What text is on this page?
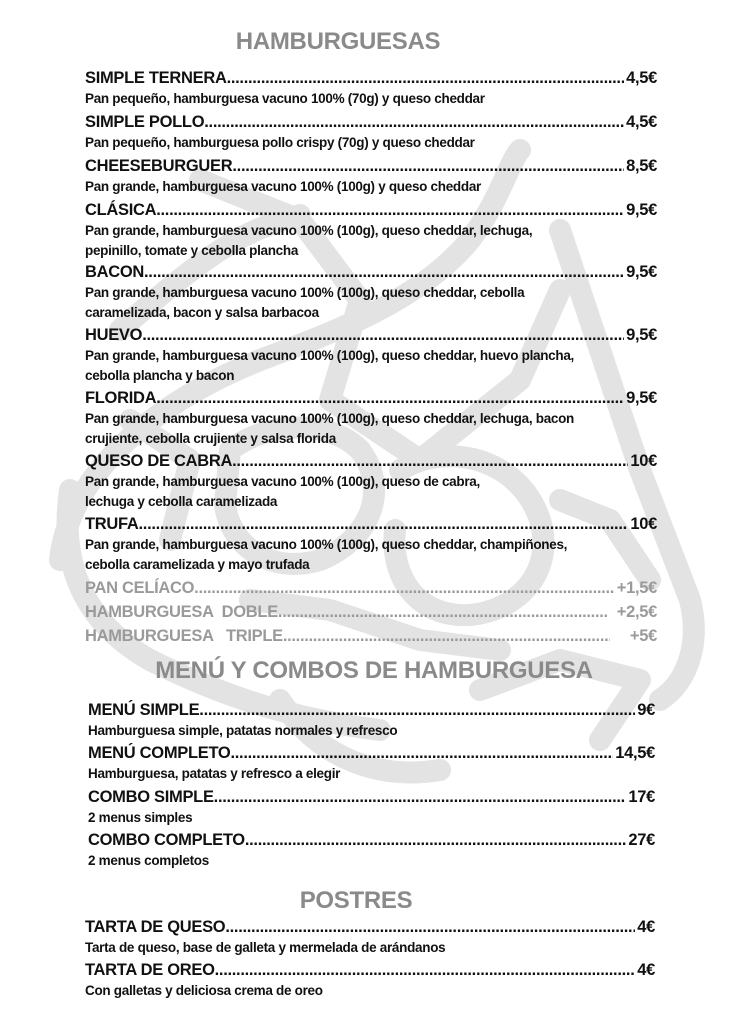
HAMBURGUESAS
SIMPLE TERNERA .....	4,5€
Pan pequeño, hamburguesa vacuno 100% (70g) y queso cheddar
SIMPLE POLLO .....	4,5€
Pan pequeño, hamburguesa pollo crispy (70g) y queso cheddar
CHEESEBURGUER .....	8,5€
Pan grande, hamburguesa vacuno 100% (100g) y queso cheddar
CLÁSICA .....	9,5€
Pan grande, hamburguesa vacuno 100% (100g), queso cheddar, lechuga,
pepinillo, tomate y cebolla plancha
BACON .....	9,5€
Pan grande, hamburguesa vacuno 100% (100g), queso cheddar, cebolla
caramelizada, bacon y salsa barbacoa
HUEVO .....	9,5€
Pan grande, hamburguesa vacuno 100% (100g), queso cheddar, huevo plancha,
cebolla plancha y bacon
FLORIDA .....	9,5€
Pan grande, hamburguesa vacuno 100% (100g), queso cheddar, lechuga, bacon
crujiente, cebolla crujiente y salsa florida
QUESO DE CABRA .....	10€
Pan grande, hamburguesa vacuno 100% (100g), queso de cabra,
lechuga y cebolla caramelizada
TRUFA .....	10€
Pan grande, hamburguesa vacuno 100% (100g), queso cheddar, champiñones,
cebolla caramelizada y mayo trufada
PAN CELÍACO .....	+1,5€
HAMBURGUESA  DOBLE .....	+2,5€
HAMBURGUESA   TRIPLE .....	+5€
MENÚ Y COMBOS DE HAMBURGUESA
MENÚ SIMPLE .....	9€
Hamburguesa simple, patatas normales y refresco
MENÚ COMPLETO .....	14,5€
Hamburguesa, patatas y refresco a elegir
COMBO SIMPLE .....	17€
2 menus simples
COMBO COMPLETO .....	27€
2 menus completos
POSTRES
TARTA DE QUESO .....	4€
Tarta de queso, base de galleta y mermelada de arándanos
TARTA DE OREO .....	4€
Con galletas y deliciosa crema de oreo
